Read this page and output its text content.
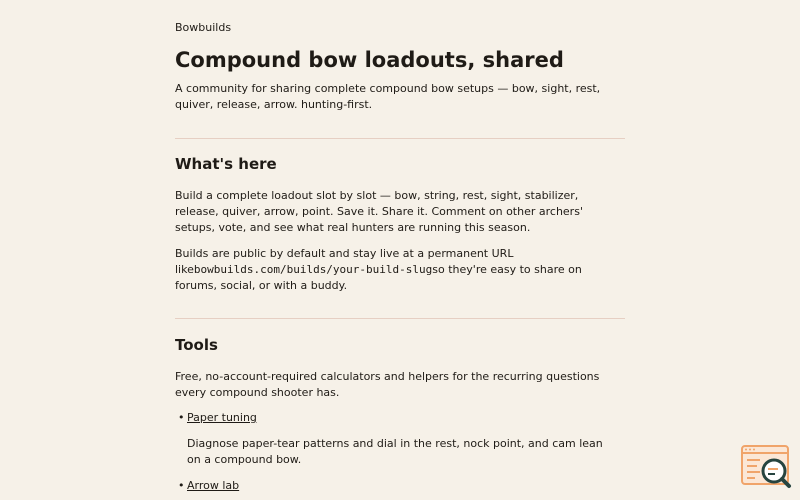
Bowbuilds
Compound bow loadouts, shared

A community for sharing complete compound bow setups — bow, sight, rest, quiver, release, arrow. hunting-first.

What's here

Build a complete loadout slot by slot — bow, string, rest, sight, stabilizer, release, quiver, arrow, point. Save it. Share it. Comment on other archers' setups, vote, and see what real hunters are running this season.

Builds are public by default and stay live at a permanent URL likebowbuilds.com/builds/your-build-slugso they're easy to share on forums, social, or with a buddy.

Tools

Free, no-account-required calculators and helpers for the recurring questions every compound shooter has.

• Paper tuning

Diagnose paper-tear patterns and dial in the rest, nock point, and cam lean on a compound bow.

• Arrow lab
